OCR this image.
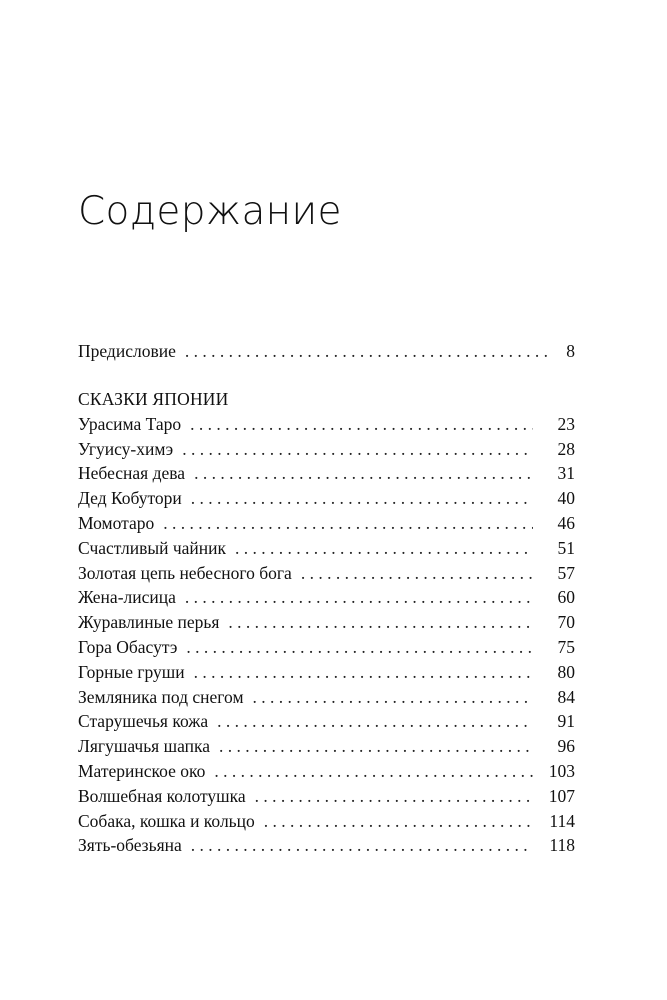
Содержание
Предисловие . . .	8
СКАЗКИ ЯПОНИИ
Урасима Таро . . .	23
Угуису-химэ . . .	28
Небесная дева . . .	31
Дед Кобутори . . .	40
Момотаро . . .	46
Счастливый чайник . . .	51
Золотая цепь небесного бога . . .	57
Жена-лисица . . .	60
Журавлиные перья . . .	70
Гора Обасутэ . . .	75
Горные груши . . .	80
Земляника под снегом . . .	84
Старушечья кожа . . .	91
Лягушачья шапка . . .	96
Материнское око . . .	103
Волшебная колотушка . . .	107
Собака, кошка и кольцо . . .	114
Зять-обезьяна . . .	118
